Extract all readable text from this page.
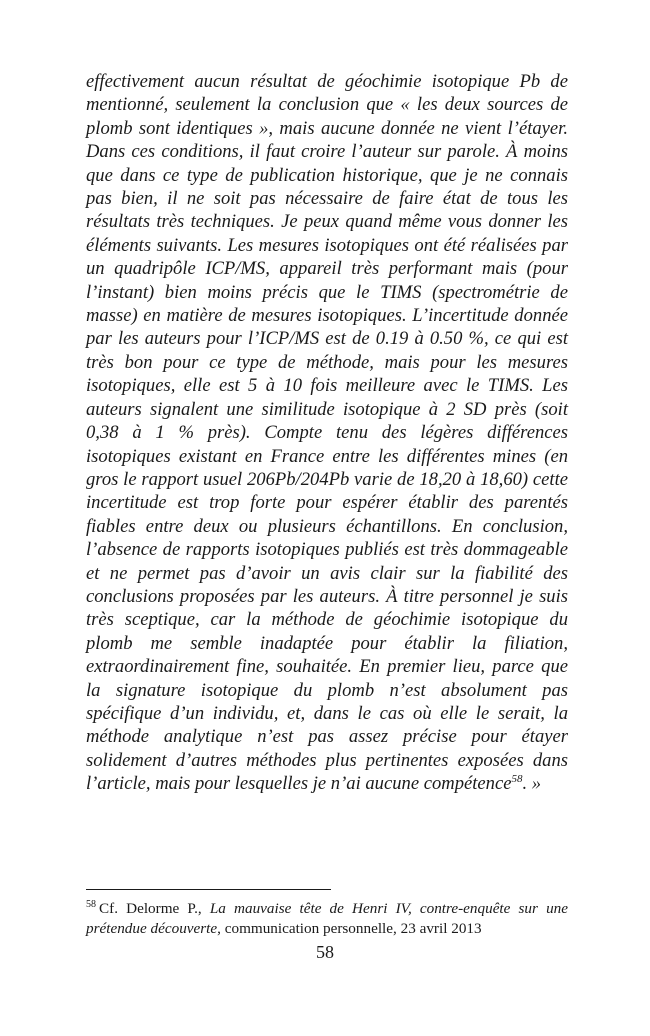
effectivement aucun résultat de géochimie isotopique Pb de mentionné, seulement la conclusion que « les deux sources de plomb sont identiques », mais aucune donnée ne vient l’étayer. Dans ces conditions, il faut croire l’auteur sur parole. À moins que dans ce type de publication historique, que je ne connais pas bien, il ne soit pas nécessaire de faire état de tous les résultats très techniques. Je peux quand même vous donner les éléments suivants. Les mesures isotopiques ont été réalisées par un quadripôle ICP/MS, appareil très performant mais (pour l’instant) bien moins précis que le TIMS (spectrométrie de masse) en matière de mesures isotopiques. L’incertitude donnée par les auteurs pour l’ICP/MS est de 0.19 à 0.50 %, ce qui est très bon pour ce type de méthode, mais pour les mesures isotopiques, elle est 5 à 10 fois meilleure avec le TIMS. Les auteurs signalent une similitude isotopique à 2 SD près (soit 0,38 à 1 % près). Compte tenu des légères différences isotopiques existant en France entre les différentes mines (en gros le rapport usuel 206Pb/204Pb varie de 18,20 à 18,60) cette incertitude est trop forte pour espérer établir des parentés fiables entre deux ou plusieurs échantillons. En conclusion, l’absence de rapports isotopiques publiés est très dommageable et ne permet pas d’avoir un avis clair sur la fiabilité des conclusions proposées par les auteurs. À titre personnel je suis très sceptique, car la méthode de géochimie isotopique du plomb me semble inadaptée pour établir la filiation, extraordinairement fine, souhaitée. En premier lieu, parce que la signature isotopique du plomb n’est absolument pas spécifique d’un individu, et, dans le cas où elle le serait, la méthode analytique n’est pas assez précise pour étayer solidement d’autres méthodes plus pertinentes exposées dans l’article, mais pour lesquelles je n’ai aucune compétence$^{58}$. »

$^{58}$ Cf. Delorme P., La mauvaise tête de Henri IV, contre-enquête sur une prétendue découverte, communication personnelle, 23 avril 2013

58
